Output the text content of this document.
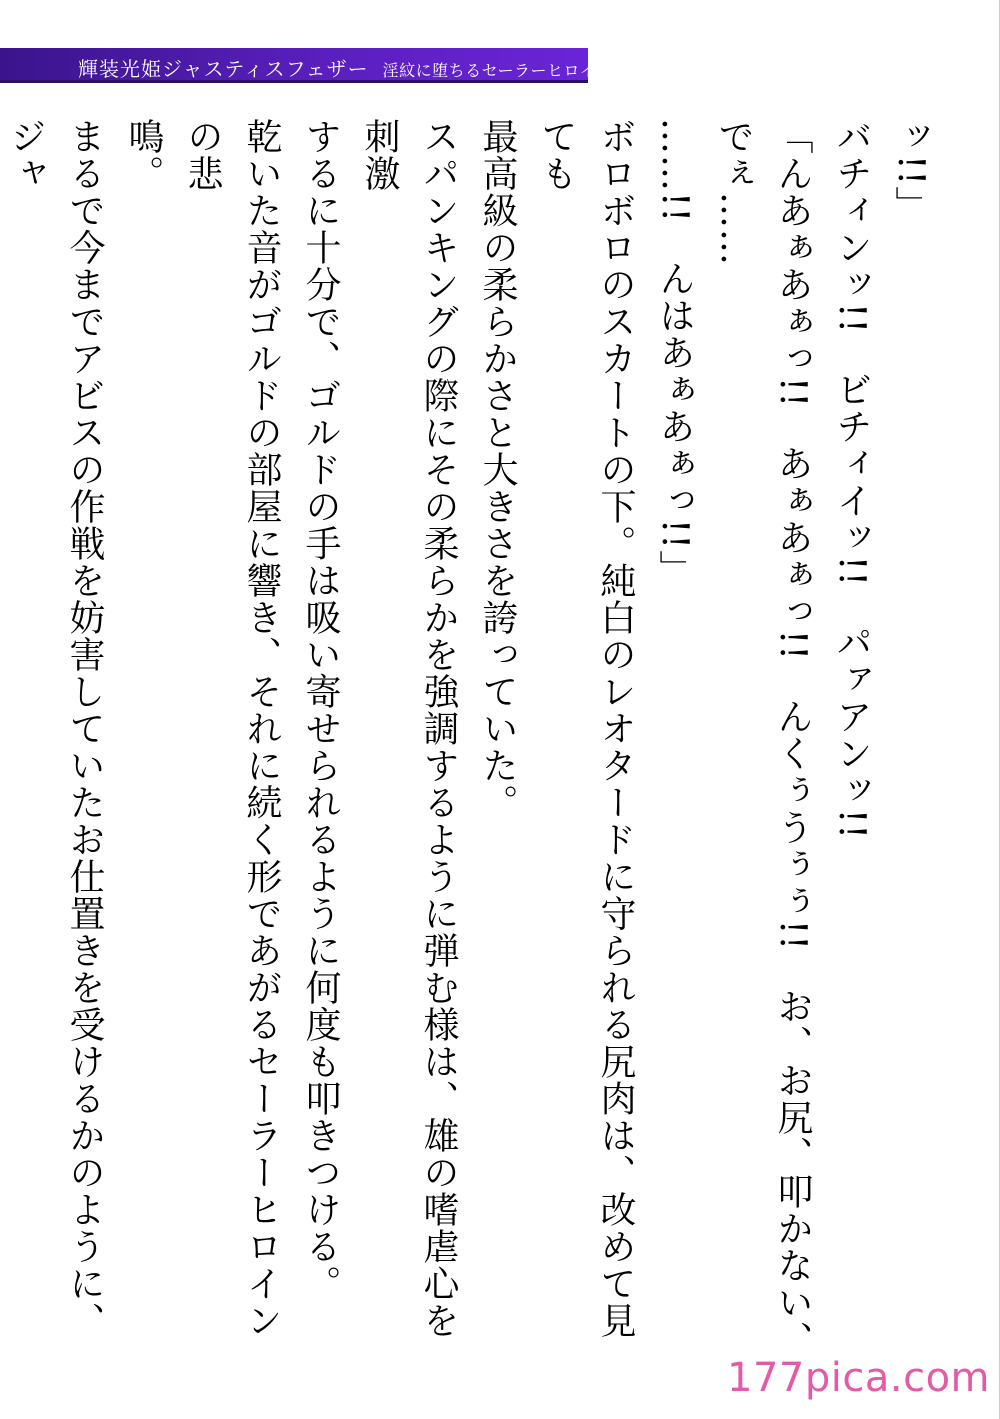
輝装光姫ジャスティスフェザー 淫紋に堕ちるセーラーヒロイン

ッ!!」

バチィンッ!!　ビチィイッ!!　パァアンッ!!

「んあぁあぁっ!!　あぁあぁっ!!　んくぅうぅぅ!!　お、お尻、叩かない、でぇ……

……!!　んはあぁあぁっ!!」

ボロボロのスカートの下。純白のレオタードに守られる尻肉は、改めて見ても

最高級の柔らかさと大きさを誇っていた。

スパンキングの際にその柔らかを強調するように弾む様は、雄の嗜虐心を刺激

するに十分で、ゴルドの手は吸い寄せられるように何度も叩きつける。

乾いた音がゴルドの部屋に響き、それに続く形であがるセーラーヒロインの悲

鳴。

まるで今までアビスの作戦を妨害していたお仕置きを受けるかのように、ジャ

177pica.com
